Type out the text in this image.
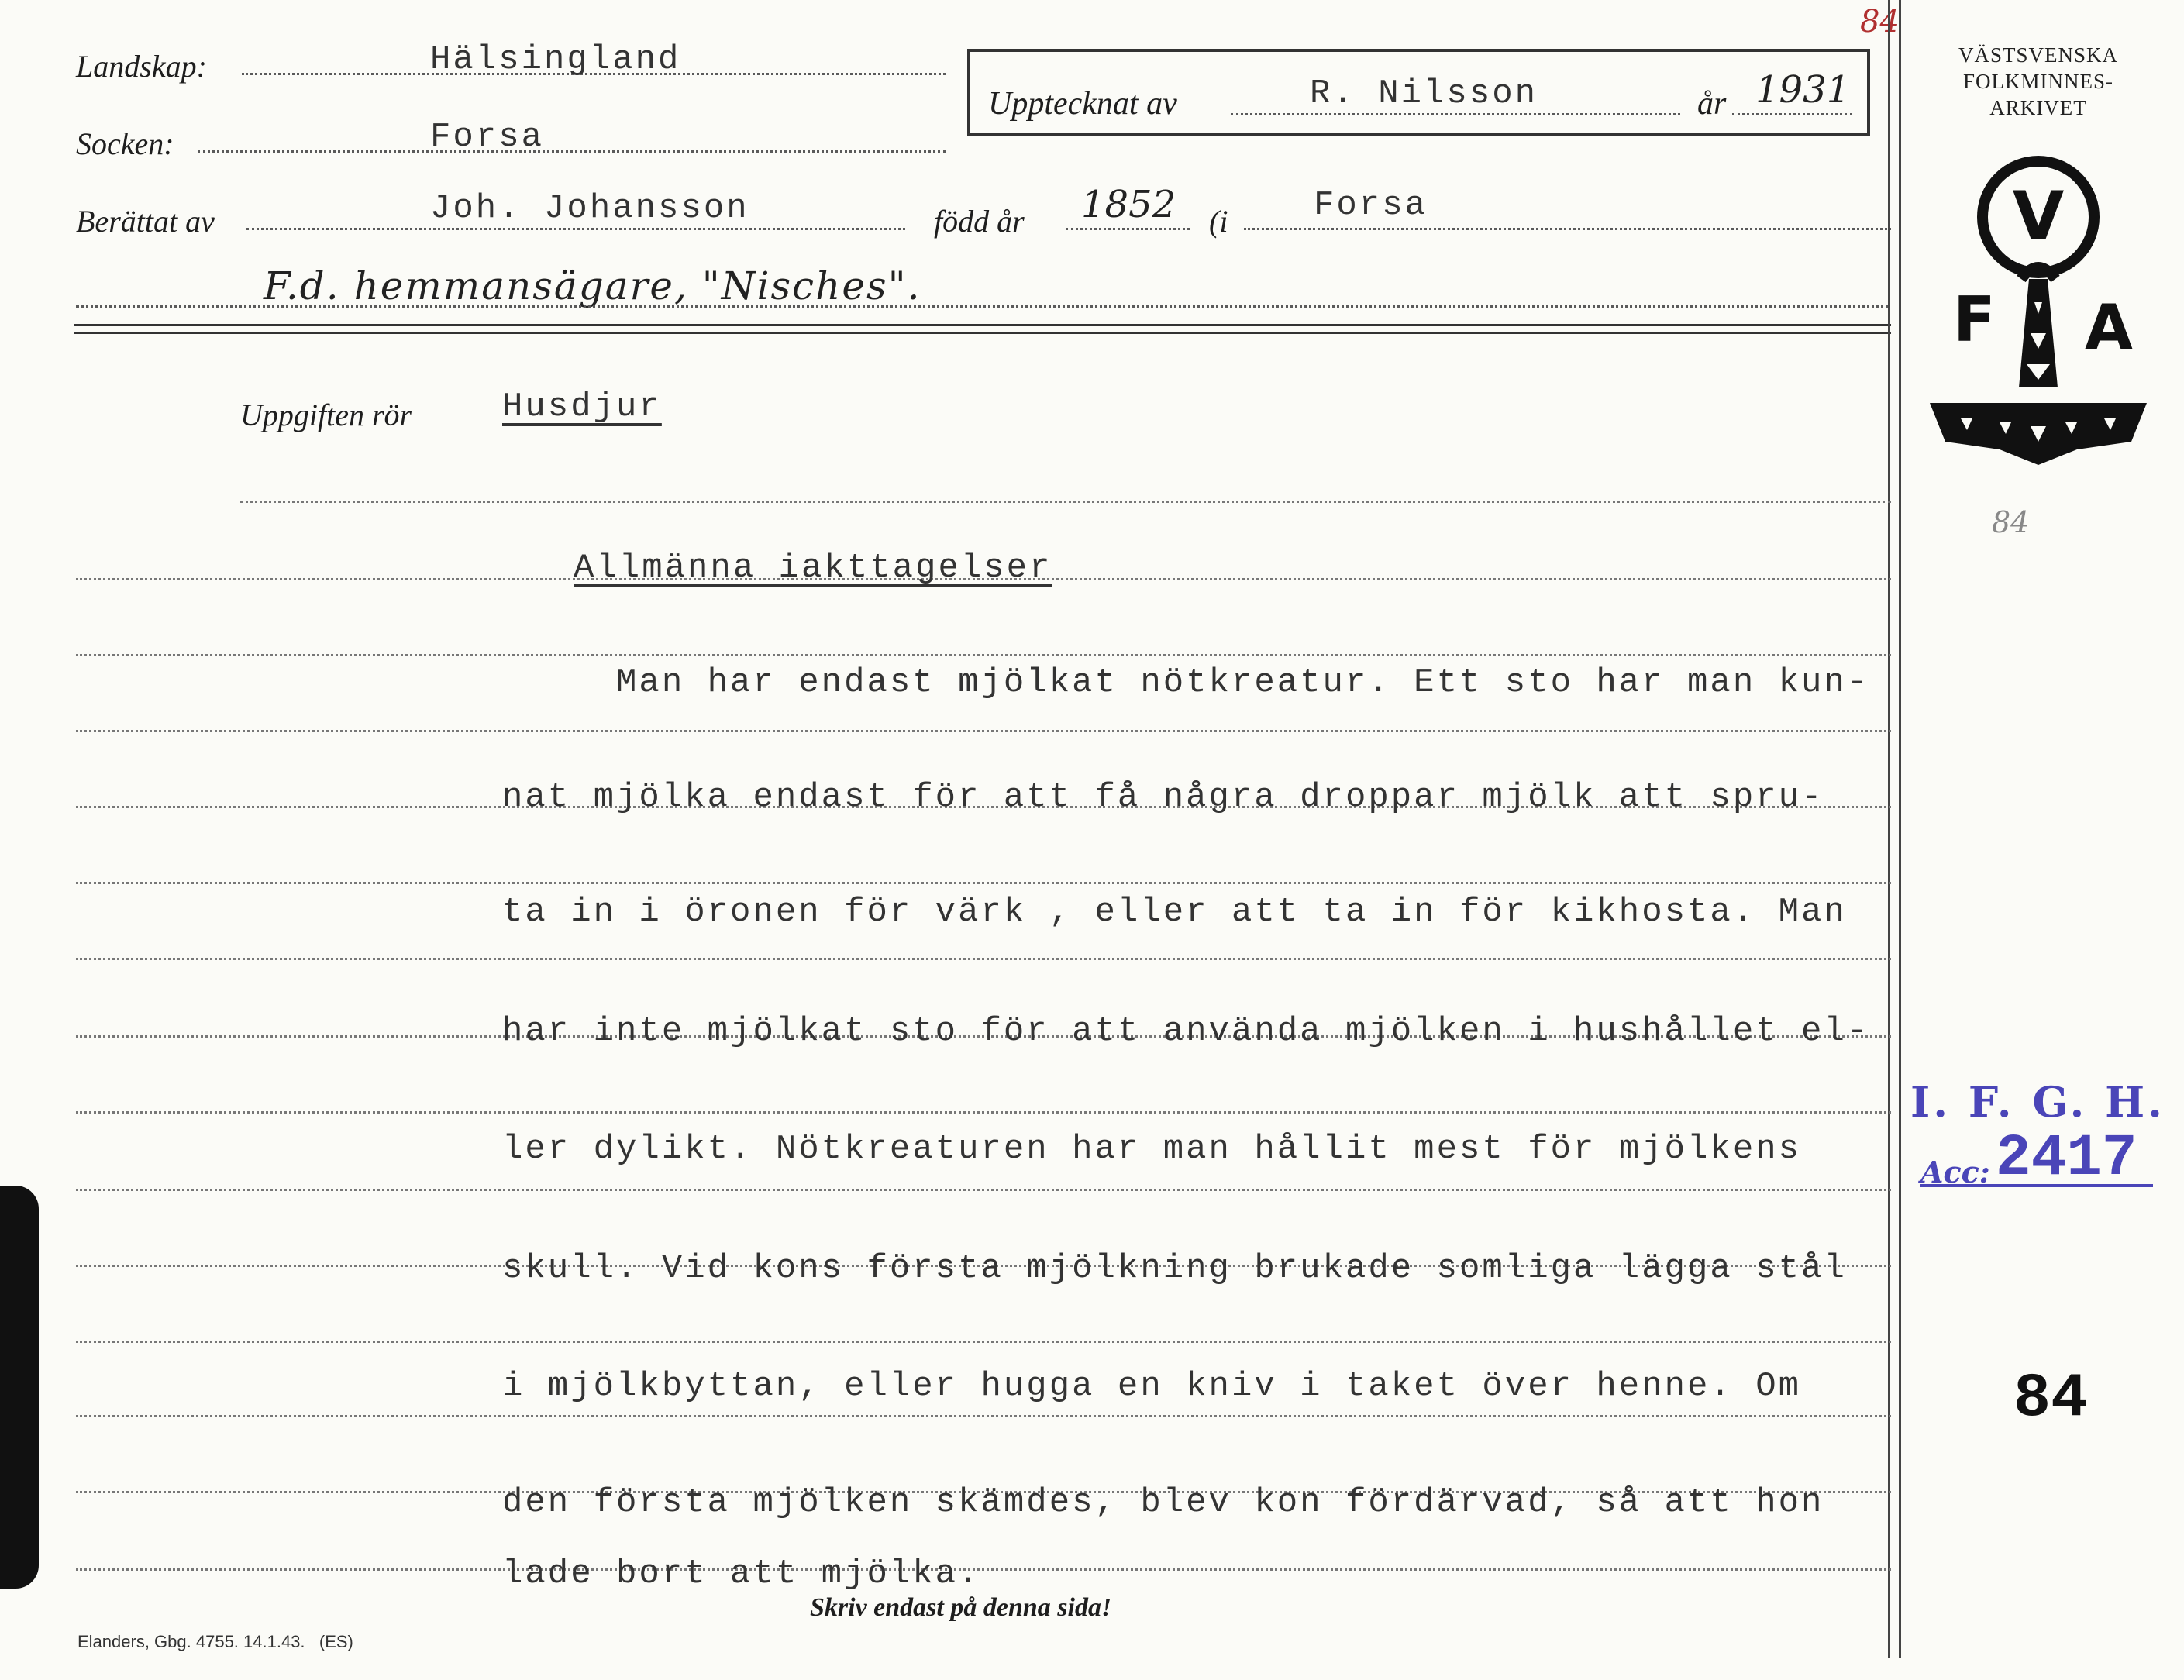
84
Landskap:	Hälsingland
Socken:	Forsa
Upptecknat av	R. Nilsson	år 1931
Berättat av	Joh. Johansson	född år 1852 (i	Forsa
F.d. hemmansägare, "Nisches".
VÄSTSVENSKA
FOLKMINNES-
ARKIVET
V
F A
84
I. F. G. H.
Acc: 2417
84
Uppgiften rör	Husdjur
Allmänna iakttagelser
Man har endast mjölkat nötkreatur. Ett sto har man kun-
nat mjölka endast för att få några droppar mjölk att spru-
ta in i öronen för värk , eller att ta in för kikhosta. Man
har inte mjölkat sto för att använda mjölken i hushållet el-
ler dylikt. Nötkreaturen har man hållit mest för mjölkens
skull. Vid kons första mjölkning brukade somliga lägga stål
i mjölkbyttan, eller hugga en kniv i taket över henne. Om
den första mjölken skämdes, blev kon fördärvad, så att hon
lade bort att mjölka.
Skriv endast på denna sida!
Elanders, Gbg. 4755. 14.1.43.   (ES)
